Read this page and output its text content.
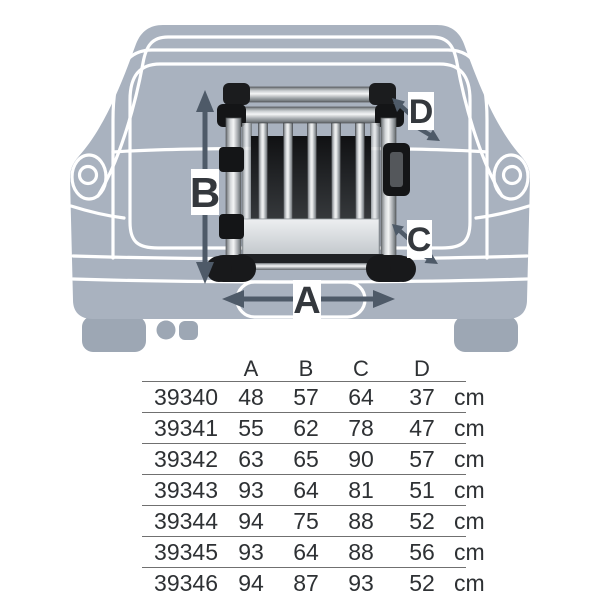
B
A
D
C
A	B	C	D
39340 48	57	64	37 cm
39341 55	62	78	47 cm
39342 63	65	90	57 cm
39343 93	64	81	51 cm
39344 94	75	88	52 cm
39345 93	64	88	56 cm
39346 94	87	93	52 cm
